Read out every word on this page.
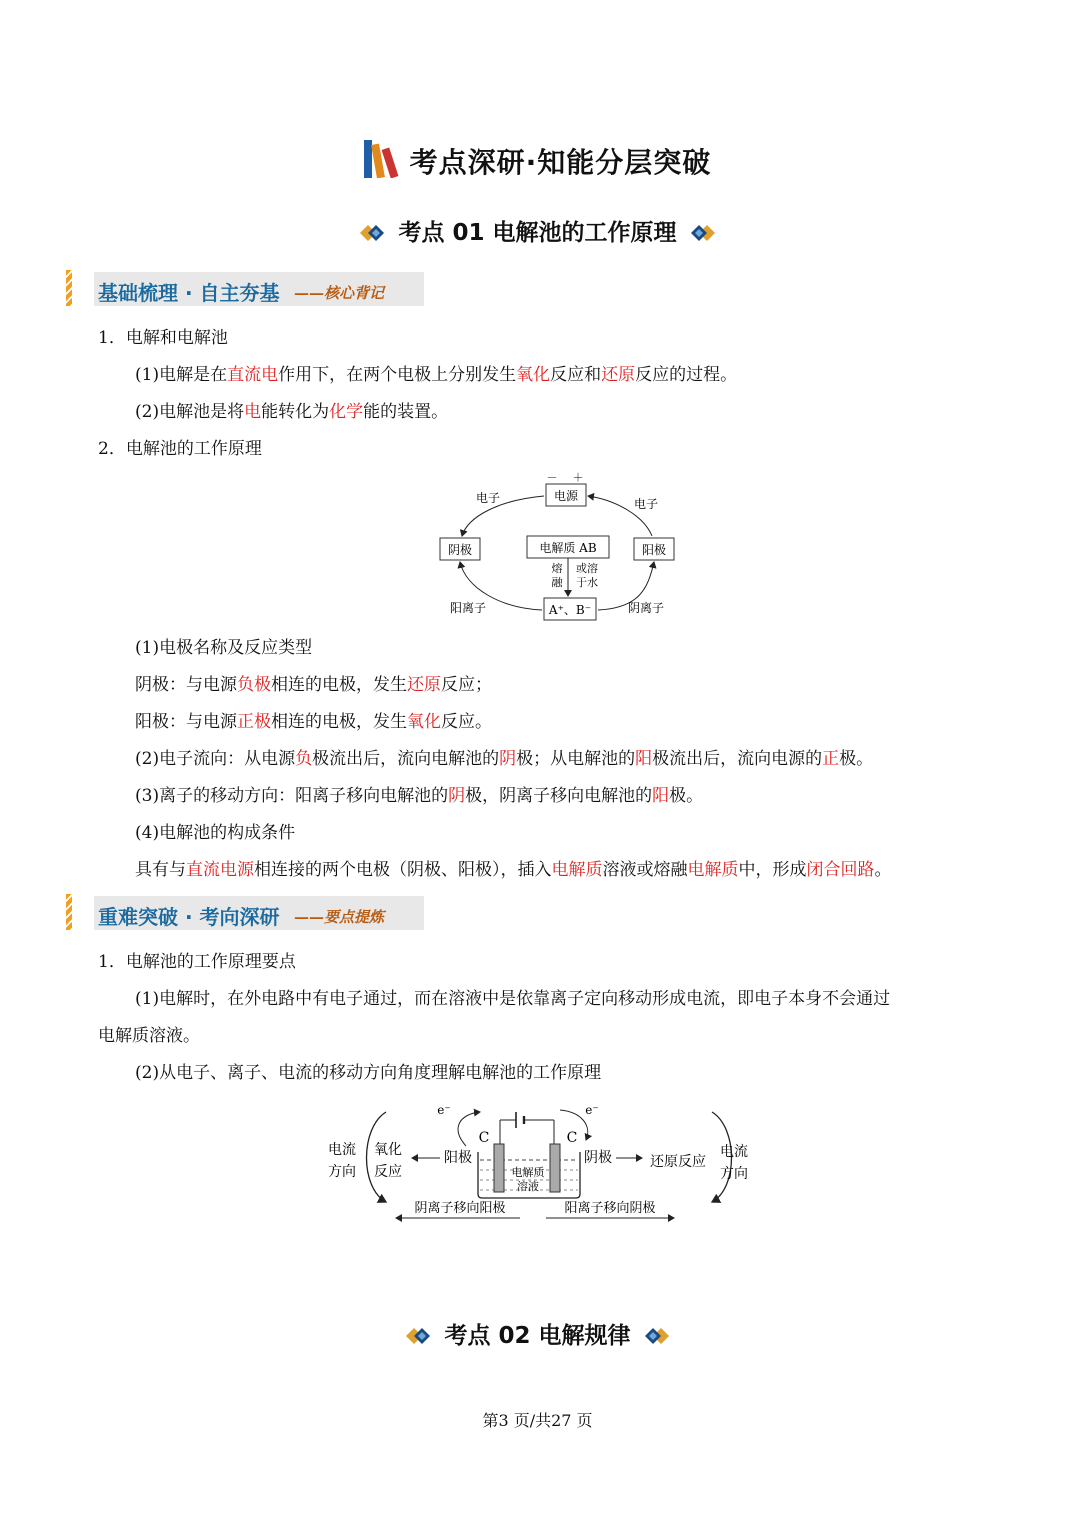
考点深研·知能分层突破
考点 01 电解池的工作原理
基础梳理 · 自主夯基 ——核心背记
1．电解和电解池
(1)电解是在直流电作用下，在两个电极上分别发生氧化反应和还原反应的过程。
(2)电解池是将电能转化为化学能的装置。
2．电解池的工作原理
电源
－ ＋
阴极	阳极
电解质 AB
A⁺、B⁻
熔
融
或溶
于水
电子	电子
阳离子	阴离子
(1)电极名称及反应类型
阴极：与电源负极相连的电极，发生还原反应；
阳极：与电源正极相连的电极，发生氧化反应。
(2)电子流向：从电源负极流出后，流向电解池的阴极；从电解池的阳极流出后，流向电源的正极。
(3)离子的移动方向：阳离子移向电解池的阴极，阴离子移向电解池的阳极。
(4)电解池的构成条件
具有与直流电源相连接的两个电极（阴极、阳极），插入电解质溶液或熔融电解质中，形成闭合回路。
重难突破 · 考向深研 ——要点提炼
1．电解池的工作原理要点
(1)电解时，在外电路中有电子通过，而在溶液中是依靠离子定向移动形成电流，即电子本身不会通过
电解质溶液。
(2)从电子、离子、电流的移动方向角度理解电解池的工作原理
电流
方向
氧化
反应
阳极
e⁻	e⁻
C	C
电解质
溶液
阴极	还原反应
电流
方向
阴离子移向阳极	阳离子移向阴极
考点 02 电解规律
第3 页/共27 页
